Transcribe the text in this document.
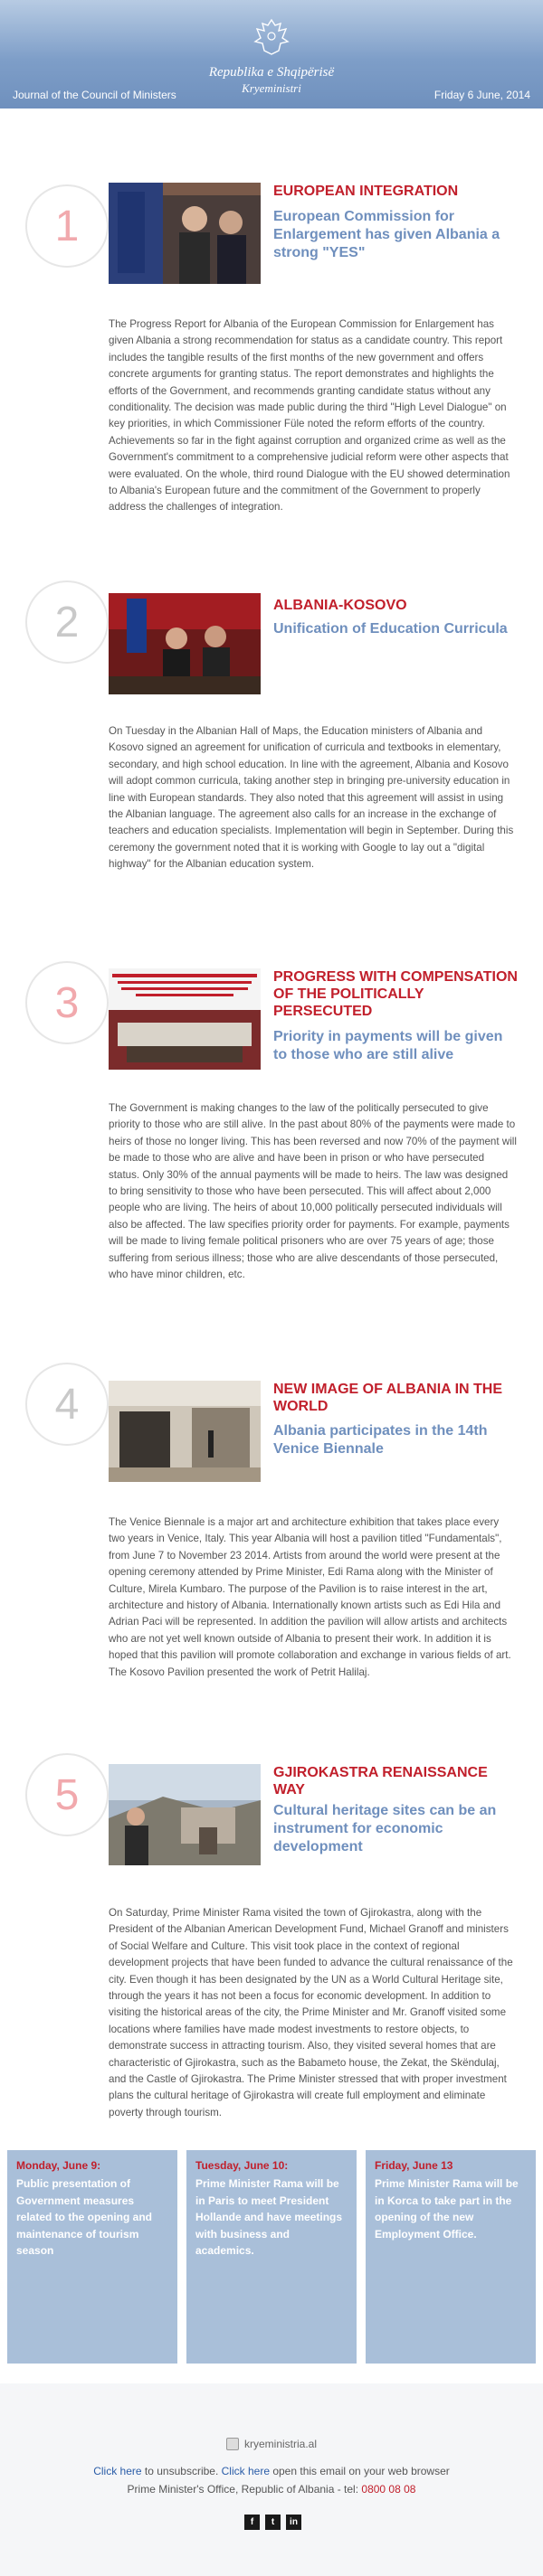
Republika e Shqipërisë
Kryeministri
Journal of the Council of Ministers	Friday 6 June, 2014
1
EUROPEAN INTEGRATION
European Commission for Enlargement has given Albania a strong "YES"
The Progress Report for Albania of the European Commission for Enlargement has given Albania a strong recommendation for status as a candidate country. This report includes the tangible results of the first months of the new government and offers concrete arguments for granting status. The report demonstrates and highlights the efforts of the Government, and recommends granting candidate status without any conditionality. The decision was made public during the third "High Level Dialogue" on key priorities, in which Commissioner Füle noted the reform efforts of the country. Achievements so far in the fight against corruption and organized crime as well as the Government's commitment to a comprehensive judicial reform were other aspects that were evaluated. On the whole, third round Dialogue with the EU showed determination to Albania's European future and the commitment of the Government to properly address the challenges of integration.
2	ALBANIA-KOSOVO
Unification of Education Curricula
On Tuesday in the Albanian Hall of Maps, the Education ministers of Albania and Kosovo signed an agreement for unification of curricula and textbooks in elementary, secondary, and high school education. In line with the agreement, Albania and Kosovo will adopt common curricula, taking another step in bringing pre-university education in line with European standards. They also noted that this agreement will assist in using the Albanian language. The agreement also calls for an increase in the exchange of teachers and education specialists. Implementation will begin in September. During this ceremony the government noted that it is working with Google to lay out a "digital highway" for the Albanian education system.
3
PROGRESS WITH COMPENSATION OF THE POLITICALLY PERSECUTED
Priority in payments will be given to those who are still alive
The Government is making changes to the law of the politically persecuted to give priority to those who are still alive. In the past about 80% of the payments were made to heirs of those no longer living. This has been reversed and now 70% of the payment will be made to those who are alive and have been in prison or who have persecuted status. Only 30% of the annual payments will be made to heirs. The law was designed to bring sensitivity to those who have been persecuted. This will affect about 2,000 people who are living. The heirs of about 10,000 politically persecuted individuals will also be affected. The law specifies priority order for payments. For example, payments will be made to living female political prisoners who are over 75 years of age; those suffering from serious illness; those who are alive descendants of those persecuted, who have minor children, etc.
4	NEW IMAGE OF ALBANIA IN THE WORLD
Albania participates in the 14th Venice Biennale
The Venice Biennale is a major art and architecture exhibition that takes place every two years in Venice, Italy. This year Albania will host a pavilion titled "Fundamentals", from June 7 to November 23 2014. Artists from around the world were present at the opening ceremony attended by Prime Minister, Edi Rama along with the Minister of Culture, Mirela Kumbaro. The purpose of the Pavilion is to raise interest in the art, architecture and history of Albania. Internationally known artists such as Edi Hila and Adrian Paci will be represented. In addition the pavilion will allow artists and architects who are not yet well known outside of Albania to present their work. In addition it is hoped that this pavilion will promote collaboration and exchange in various fields of art. The Kosovo Pavilion presented the work of Petrit Halilaj.
5	GJIROKASTRA RENAISSANCE WAY
Cultural heritage sites can be an instrument for economic development
On Saturday, Prime Minister Rama visited the town of Gjirokastra, along with the President of the Albanian American Development Fund, Michael Granoff and ministers of Social Welfare and Culture. This visit took place in the context of regional development projects that have been funded to advance the cultural renaissance of the city. Even though it has been designated by the UN as a World Cultural Heritage site, through the years it has not been a focus for economic development. In addition to visiting the historical areas of the city, the Prime Minister and Mr. Granoff visited some locations where families have made modest investments to restore objects, to demonstrate success in attracting tourism. Also, they visited several homes that are characteristic of Gjirokastra, such as the Babameto house, the Zekat, the Skëndulaj, and the Castle of Gjirokastra. The Prime Minister stressed that with proper investment plans the cultural heritage of Gjirokastra will create full employment and eliminate poverty through tourism.
Monday, June 9:
Public presentation of Government measures related to the opening and maintenance of tourism season
Tuesday, June 10:
Prime Minister Rama will be in Paris to meet President Hollande and have meetings with business and academics.
Friday, June 13
Prime Minister Rama will be in Korca to take part in the opening of the new Employment Office.
kryeministria.al
Click here to unsubscribe. Click here open this email on your web browser
Prime Minister's Office, Republic of Albania - tel: 0800 08 08
f	t	in
